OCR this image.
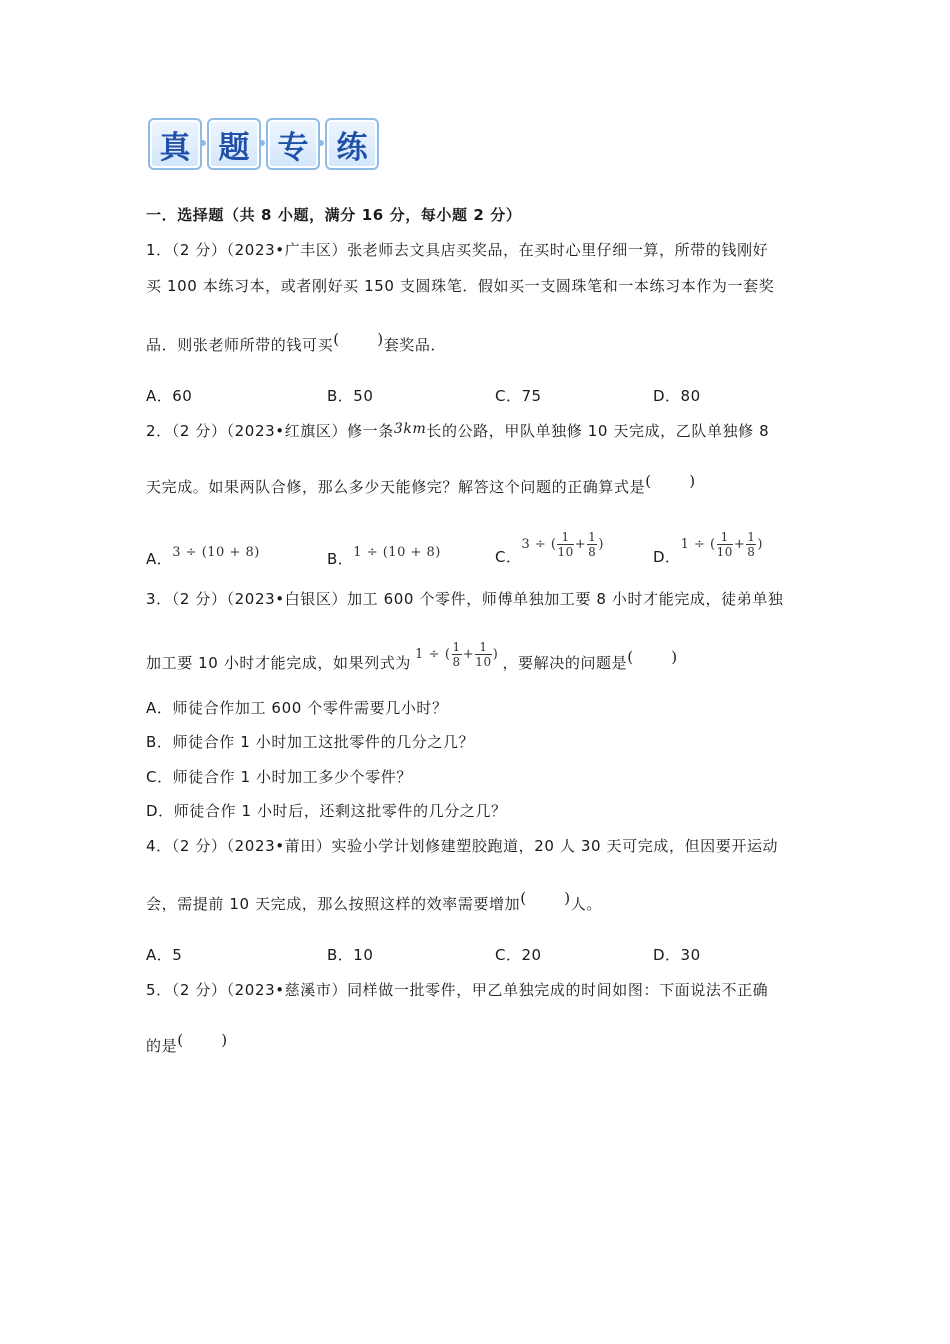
真 题 专 练
一．选择题（共 8 小题，满分 16 分，每小题 2 分）
1．（2 分）（2023•广丰区）张老师去文具店买奖品，在买时心里仔细一算，所带的钱刚好
买 100 本练习本，或者刚好买 150 支圆珠笔．假如买一支圆珠笔和一本练习本作为一套奖
品．则张老师所带的钱可买(	)套奖品．
A．60	B．50	C．75	D．80
2．（2 分）（2023•红旗区）修一条3km长的公路，甲队单独修 10 天完成，乙队单独修 8
天完成。如果两队合修，那么多少天能修完？解答这个问题的正确算式是(	)
A．3 ÷ (10 + 8)	B．1 ÷ (10 + 8)	C．3 ÷ ( $\frac{1}{10} + \frac{1}{8}$ )
D．1 ÷ ( $\frac{1}{10} + \frac{1}{8}$ )
3．（2 分）（2023•白银区）加工 600 个零件，师傅单独加工要 8 小时才能完成，徒弟单独
加工要 10 小时才能完成，如果列式为 1 ÷ ( $\frac{1}{8} + \frac{1}{10}$ ) ，要解决的问题是(	)
A．师徒合作加工 600 个零件需要几小时？
B．师徒合作 1 小时加工这批零件的几分之几？
C．师徒合作 1 小时加工多少个零件？
D．师徒合作 1 小时后，还剩这批零件的几分之几？
4．（2 分）（2023•莆田）实验小学计划修建塑胶跑道，20 人 30 天可完成，但因要开运动
会，需提前 10 天完成，那么按照这样的效率需要增加(	)人。
A．5	B．10	C．20	D．30
5．（2 分）（2023•慈溪市）同样做一批零件，甲乙单独完成的时间如图：下面说法不正确
的是(	)
